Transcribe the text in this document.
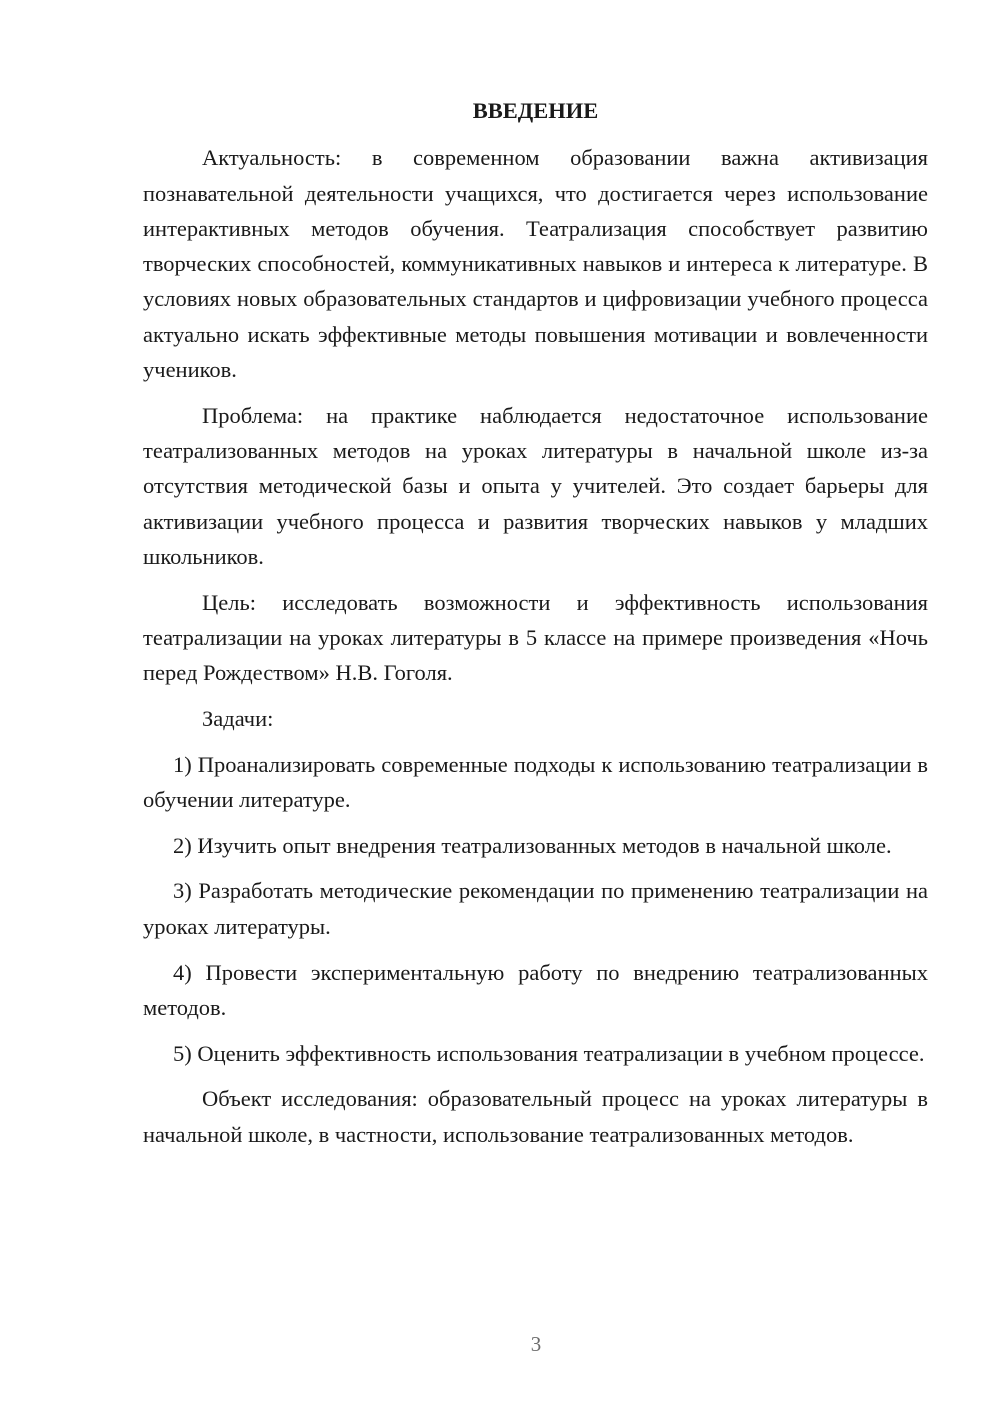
ВВЕДЕНИЕ

Актуальность: в современном образовании важна активизация познавательной деятельности учащихся, что достигается через использование интерактивных методов обучения. Театрализация способствует развитию творческих способностей, коммуникативных навыков и интереса к литературе. В условиях новых образовательных стандартов и цифровизации учебного процесса актуально искать эффективные методы повышения мотивации и вовлеченности учеников.

Проблема: на практике наблюдается недостаточное использование театрализованных методов на уроках литературы в начальной школе из-за отсутствия методической базы и опыта у учителей. Это создает барьеры для активизации учебного процесса и развития творческих навыков у младших школьников.

Цель: исследовать возможности и эффективность использования театрализации на уроках литературы в 5 классе на примере произведения «Ночь перед Рождеством» Н.В. Гоголя.

Задачи:

1) Проанализировать современные подходы к использованию театрализации в обучении литературе.

2) Изучить опыт внедрения театрализованных методов в начальной школе.

3) Разработать методические рекомендации по применению театрализации на уроках литературы.

4) Провести экспериментальную работу по внедрению театрализованных методов.

5) Оценить эффективность использования театрализации в учебном процессе.

Объект исследования: образовательный процесс на уроках литературы в начальной школе, в частности, использование театрализованных методов.

3
